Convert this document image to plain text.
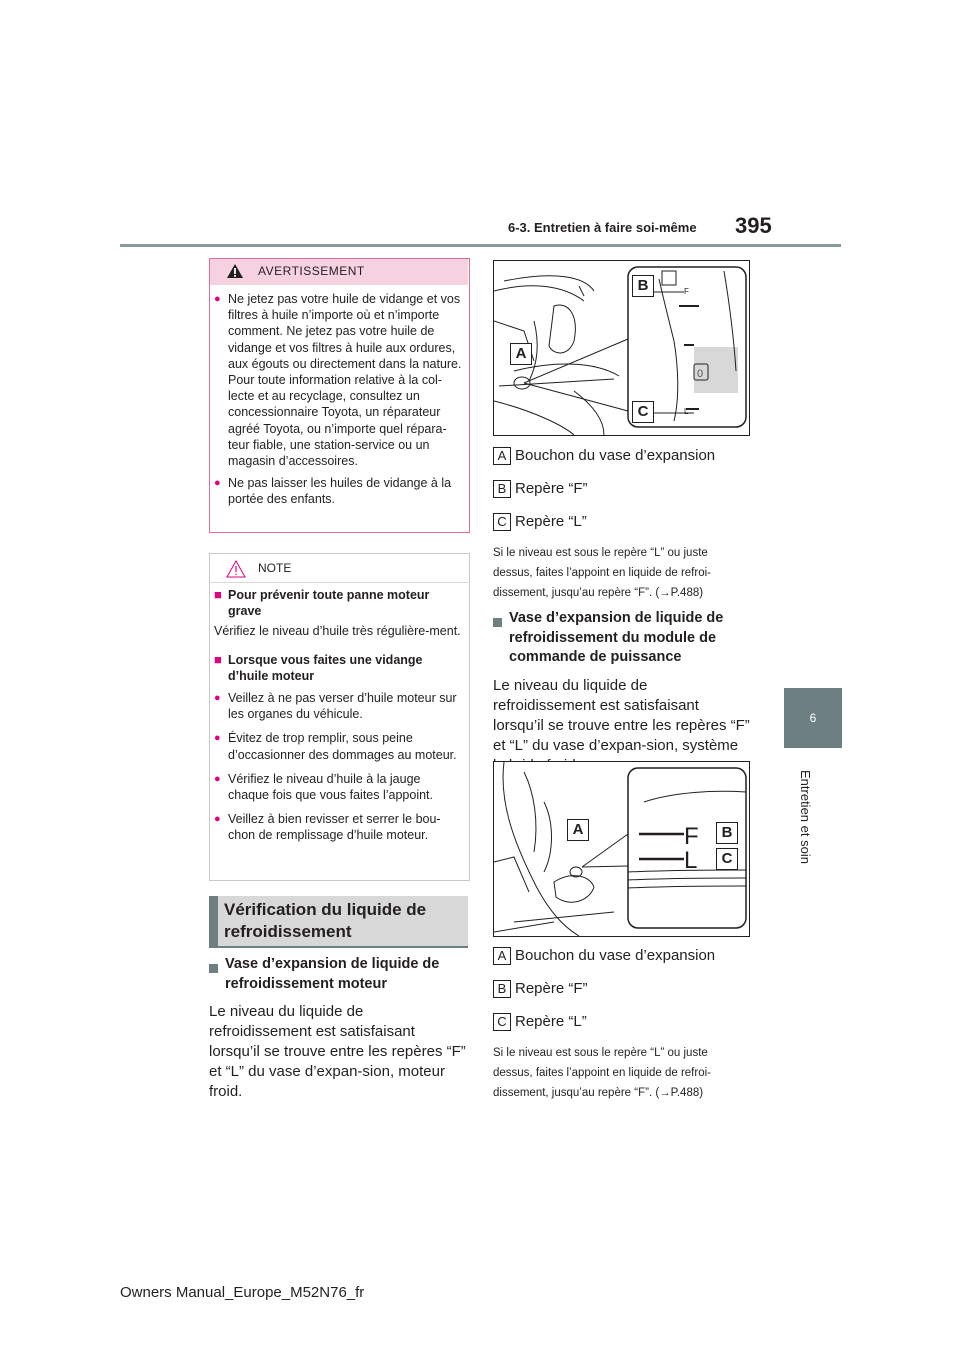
6-3. Entretien à faire soi-même 395
6
Entretien et soin
AVERTISSEMENT
● Ne jetez pas votre huile de vidange et vos filtres à huile n’importe où et n’importe comment. Ne jetez pas votre huile de vidange et vos filtres à huile aux ordures, aux égouts ou directement dans la nature.
Pour toute information relative à la col-lecte et au recyclage, consultez un concessionnaire Toyota, un réparateur agréé Toyota, ou n’importe quel répara-teur fiable, une station-service ou un magasin d’accessoires.
● Ne pas laisser les huiles de vidange à la portée des enfants.
NOTE
■ Pour prévenir toute panne moteur grave
Vérifiez le niveau d’huile très régulière-ment.
■ Lorsque vous faites une vidange d’huile moteur
● Veillez à ne pas verser d’huile moteur sur les organes du véhicule.
● Évitez de trop remplir, sous peine d’occasionner des dommages au moteur.
● Vérifiez le niveau d’huile à la jauge chaque fois que vous faites l’appoint.
● Veillez à bien revisser et serrer le bou-chon de remplissage d’huile moteur.
Vérification du liquide de refroidissement
Vase d’expansion de liquide de refroidissement moteur
Le niveau du liquide de refroidissement est satisfaisant lorsqu’il se trouve entre les repères “F” et “L” du vase d’expan-sion, moteur froid.
F
L
0
A
B
C
A Bouchon du vase d’expansion
B Repère “F”
C Repère “L”
Si le niveau est sous le repère “L” ou juste dessus, faites l’appoint en liquide de refroi-dissement, jusqu’au repère “F”. (→P.488)
Vase d’expansion de liquide de refroidissement du module de commande de puissance
Le niveau du liquide de refroidissement est satisfaisant lorsqu’il se trouve entre les repères “F” et “L” du vase d’expan-sion, système
F
L
A	B
C
A Bouchon du vase d’expansion
B Repère “F”
C Repère “L”
Si le niveau est sous le repère “L” ou juste dessus, faites l’appoint en liquide de refroi-dissement, jusqu’au repère “F”. (→P.488)
Owners Manual_Europe_M52N76_fr
